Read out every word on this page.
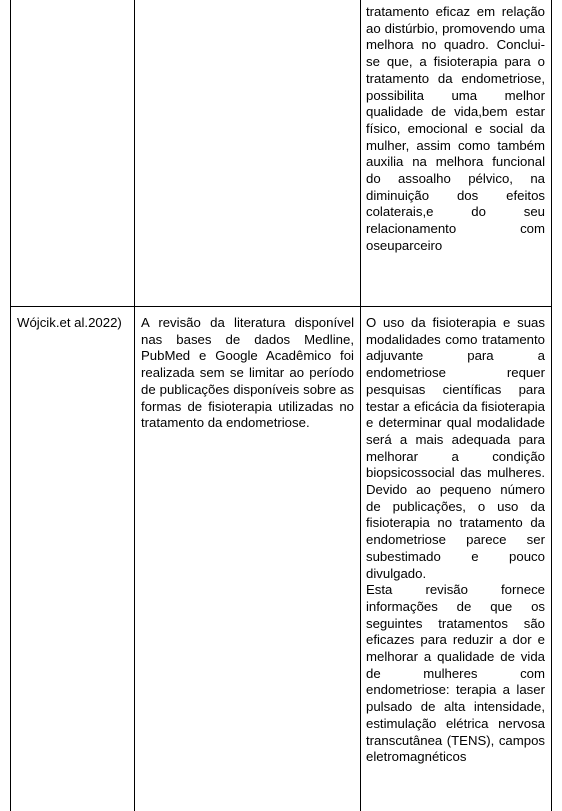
tratamento eficaz em relação ao distúrbio, promovendo uma melhora no quadro. Conclui-se que, a fisioterapia para o tratamento da endometriose, possibilita uma melhor qualidade de vida,bem estar físico, emocional e social da mulher, assim como também auxilia na melhora funcional do assoalho pélvico, na diminuição dos efeitos colaterais,e do seu relacionamento com oseuparceiro
Wójcik.et al.2022)	A revisão da literatura disponível nas bases de dados Medline, PubMed e Google Acadêmico foi realizada sem se limitar ao período de publicações disponíveis sobre as formas de fisioterapia utilizadas no tratamento da endometriose.

O uso da fisioterapia e suas modalidades como tratamento adjuvante para a endometriose requer pesquisas científicas para testar a eficácia da fisioterapia e determinar qual modalidade será a mais adequada para melhorar a condição biopsicossocial das mulheres. Devido ao pequeno número de publicações, o uso da fisioterapia no tratamento da endometriose parece ser subestimado e pouco divulgado.

Esta revisão fornece informações de que os seguintes tratamentos são eficazes para reduzir a dor e melhorar a qualidade de vida de mulheres com endometriose: terapia a laser pulsado de alta intensidade, estimulação elétrica nervosa transcutânea (TENS), campos eletromagnéticos
